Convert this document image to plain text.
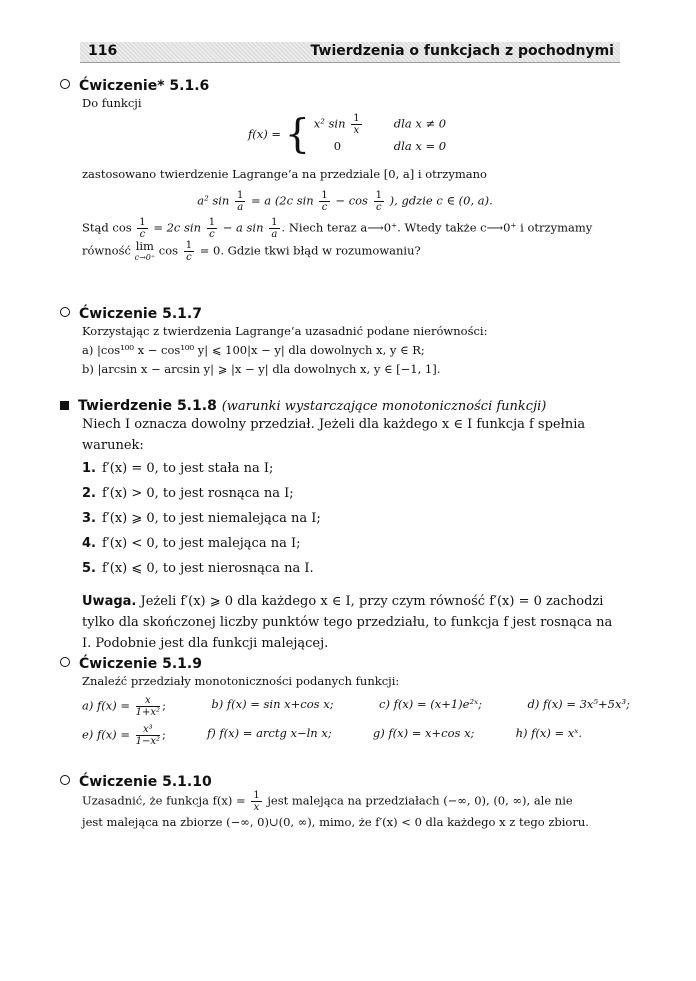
116	Twierdzenia o funkcjach z pochodnymi
Ćwiczenie* 5.1.6
Do funkcji
f(x) = { x² $\sin \frac{1}{x}$	dla x ≠ 0
0	dla x = 0
zastosowano twierdzenie Lagrange’a na przedziale [0, a] i otrzymano
a² $\sin \frac{1}{a} = a$ (2c $\sin \frac{1}{c} - \cos \frac{1}{c}$ ), gdzie c ∈ (0, a).
Stąd $\cos \frac{1}{c} = 2c$ $\sin \frac{1}{c} - a$ $\sin \frac{1}{a}$ . Niech teraz a⟶0⁺. Wtedy także c⟶0⁺ i otrzymamy
równość lim
c→0⁺ $\cos \frac{1}{c} = 0$. Gdzie tkwi błąd w rozumowaniu?
Ćwiczenie 5.1.7
Korzystając z twierdzenia Lagrange’a uzasadnić podane nierówności:
a) |cos¹⁰⁰ x − cos¹⁰⁰ y| ⩽ 100|x − y| dla dowolnych x, y ∈ R;
b) |arcsin x − arcsin y| ⩾ |x − y| dla dowolnych x, y ∈ [−1, 1].
Twierdzenie 5.1.8 (warunki wystarczające monotoniczności funkcji)
Niech I oznacza dowolny przedział. Jeżeli dla każdego x ∈ I funkcja f spełnia warunek:
1. f′(x) = 0, to jest stała na I;
2. f′(x) > 0, to jest rosnąca na I;
3. f′(x) ⩾ 0, to jest niemalejąca na I;
4. f′(x) < 0, to jest malejąca na I;
5. f′(x) ⩽ 0, to jest nierosnąca na I.
Uwaga. Jeżeli f′(x) ⩾ 0 dla każdego x ∈ I, przy czym równość f′(x) = 0 zachodzi tylko dla skończonej liczby punktów tego przedziału, to funkcja f jest rosnąca na I. Podobnie jest dla funkcji malejącej.
Ćwiczenie 5.1.9
Znaleźć przedziały monotoniczności podanych funkcji:
a) $f(x) = \frac{x}{\text{1+x²}}$ ;	b) f(x) = sin x+cos x;	c) f(x) = (x+1)e²ˣ;	d) f(x) = 3x⁵+5x³;
e) $f(x) = \frac{\text{x³}}{\text{1−x²}}$ ;	f) f(x) = arctg x−ln x;	g) f(x) = x+cos x;	h) f(x) = xˣ.
Ćwiczenie 5.1.10
Uzasadnić, że funkcja $f(x) = \frac{1}{x}$ jest malejąca na przedziałach (−∞, 0), (0, ∞), ale nie
jest malejąca na zbiorze (−∞, 0)∪(0, ∞), mimo, że f′(x) < 0 dla każdego x z tego zbioru.
